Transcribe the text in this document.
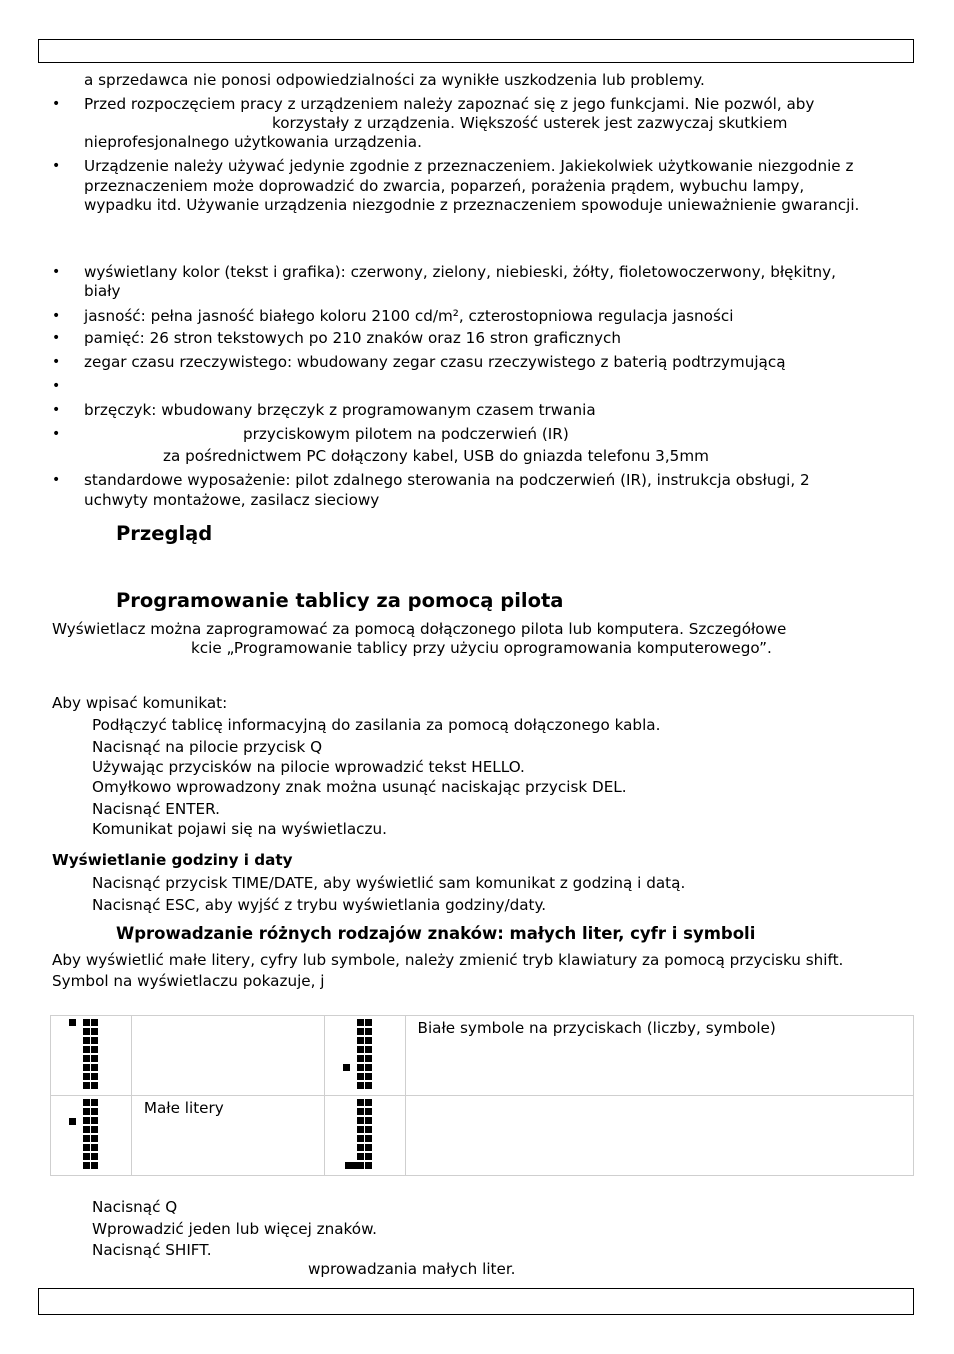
a sprzedawca nie ponosi odpowiedzialności za wynikłe uszkodzenia lub problemy.
• Przed rozpoczęciem pracy z urządzeniem należy zapoznać się z jego funkcjami. Nie pozwól, aby
korzystały z urządzenia. Większość usterek jest zazwyczaj skutkiem
nieprofesjonalnego użytkowania urządzenia.
• Urządzenie należy używać jedynie zgodnie z przeznaczeniem. Jakiekolwiek użytkowanie niezgodnie z
przeznaczeniem może doprowadzić do zwarcia, poparzeń, porażenia prądem, wybuchu lampy,
wypadku itd. Używanie urządzenia niezgodnie z przeznaczeniem spowoduje unieważnienie gwarancji.
• wyświetlany kolor (tekst i grafika): czerwony, zielony, niebieski, żółty, fioletowoczerwony, błękitny,
biały
• jasność: pełna jasność białego koloru 2100 cd/m², czterostopniowa regulacja jasności
• pamięć: 26 stron tekstowych po 210 znaków oraz 16 stron graficznych
• zegar czasu rzeczywistego: wbudowany zegar czasu rzeczywistego z baterią podtrzymującą
•
• brzęczyk: wbudowany brzęczyk z programowanym czasem trwania
•	przyciskowym pilotem na podczerwień (IR)
za pośrednictwem PC dołączony kabel, USB do gniazda telefonu 3,5mm
• standardowe wyposażenie: pilot zdalnego sterowania na podczerwień (IR), instrukcja obsługi, 2
uchwyty montażowe, zasilacz sieciowy
Przegląd
Programowanie tablicy za pomocą pilota
Wyświetlacz można zaprogramować za pomocą dołączonego pilota lub komputera. Szczegółowe
kcie „Programowanie tablicy przy użyciu oprogramowania komputerowego”.
Aby wpisać komunikat:
Podłączyć tablicę informacyjną do zasilania za pomocą dołączonego kabla.
Nacisnąć na pilocie przycisk Q
Używając przycisków na pilocie wprowadzić tekst HELLO.
Omyłkowo wprowadzony znak można usunąć naciskając przycisk DEL.
Nacisnąć ENTER.
Komunikat pojawi się na wyświetlaczu.
Wyświetlanie godziny i daty
Nacisnąć przycisk TIME/DATE, aby wyświetlić sam komunikat z godziną i datą.
Nacisnąć ESC, aby wyjść z trybu wyświetlania godziny/daty.
Wprowadzanie różnych rodzajów znaków: małych liter, cyfr i symboli
Aby wyświetlić małe litery, cyfry lub symbole, należy zmienić tryb klawiatury za pomocą przycisku shift.
Symbol na wyświetlaczu pokazuje, j

			Białe symbole na przyciskach (liczby, symbole)

	Małe litery		

Nacisnąć Q
Wprowadzić jeden lub więcej znaków.
Nacisnąć SHIFT.
wprowadzania małych liter.
